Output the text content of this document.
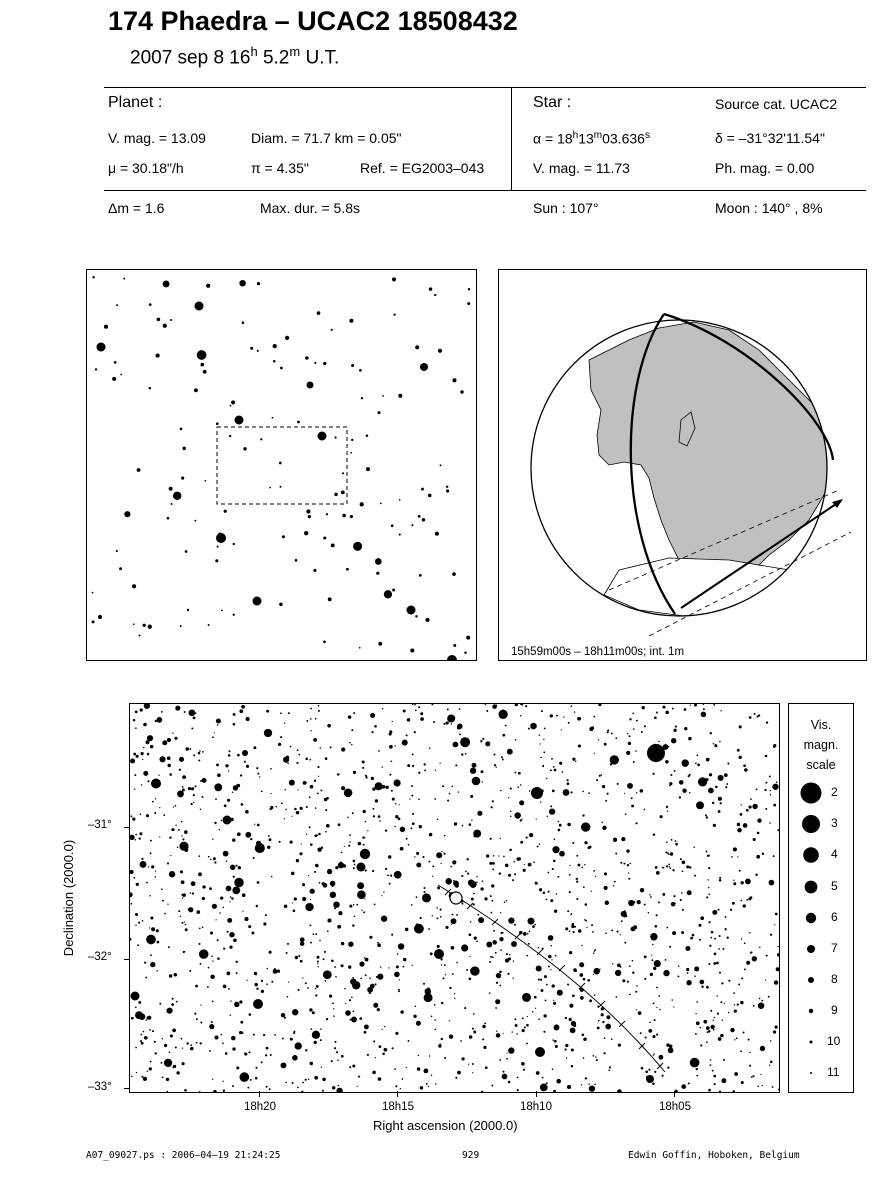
174 Phaedra – UCAC2 18508432
2007 sep 8 16$^h$ 5.2$^m$ U.T.
Planet :
V. mag. = 13.09	Diam. = 71.7 km = 0.05"
μ = 30.18"/h	π = 4.35"	Ref. = EG2003–043
Star :	Source cat. UCAC2
$\alpha = 18^h13^m03.636^s$	δ = –31°32'11.54"
V. mag. = 11.73	Ph. mag. = 0.00
Δm = 1.6	Max. dur. = 5.8s	Sun : 107°	Moon : 140° , 8%
15h59m00s – 18h11m00s; int. 1m
–31°
–32°
–33°
18h20	18h15	18h10	18h05
Right ascension (2000.0)
Declination (2000.0)
Vis.
magn.
scale
2
3
4
5
6
7
8
9
10
11
A07_09027.ps : 2006–04–19 21:24:25	929	Edwin Goffin, Hoboken, Belgium
